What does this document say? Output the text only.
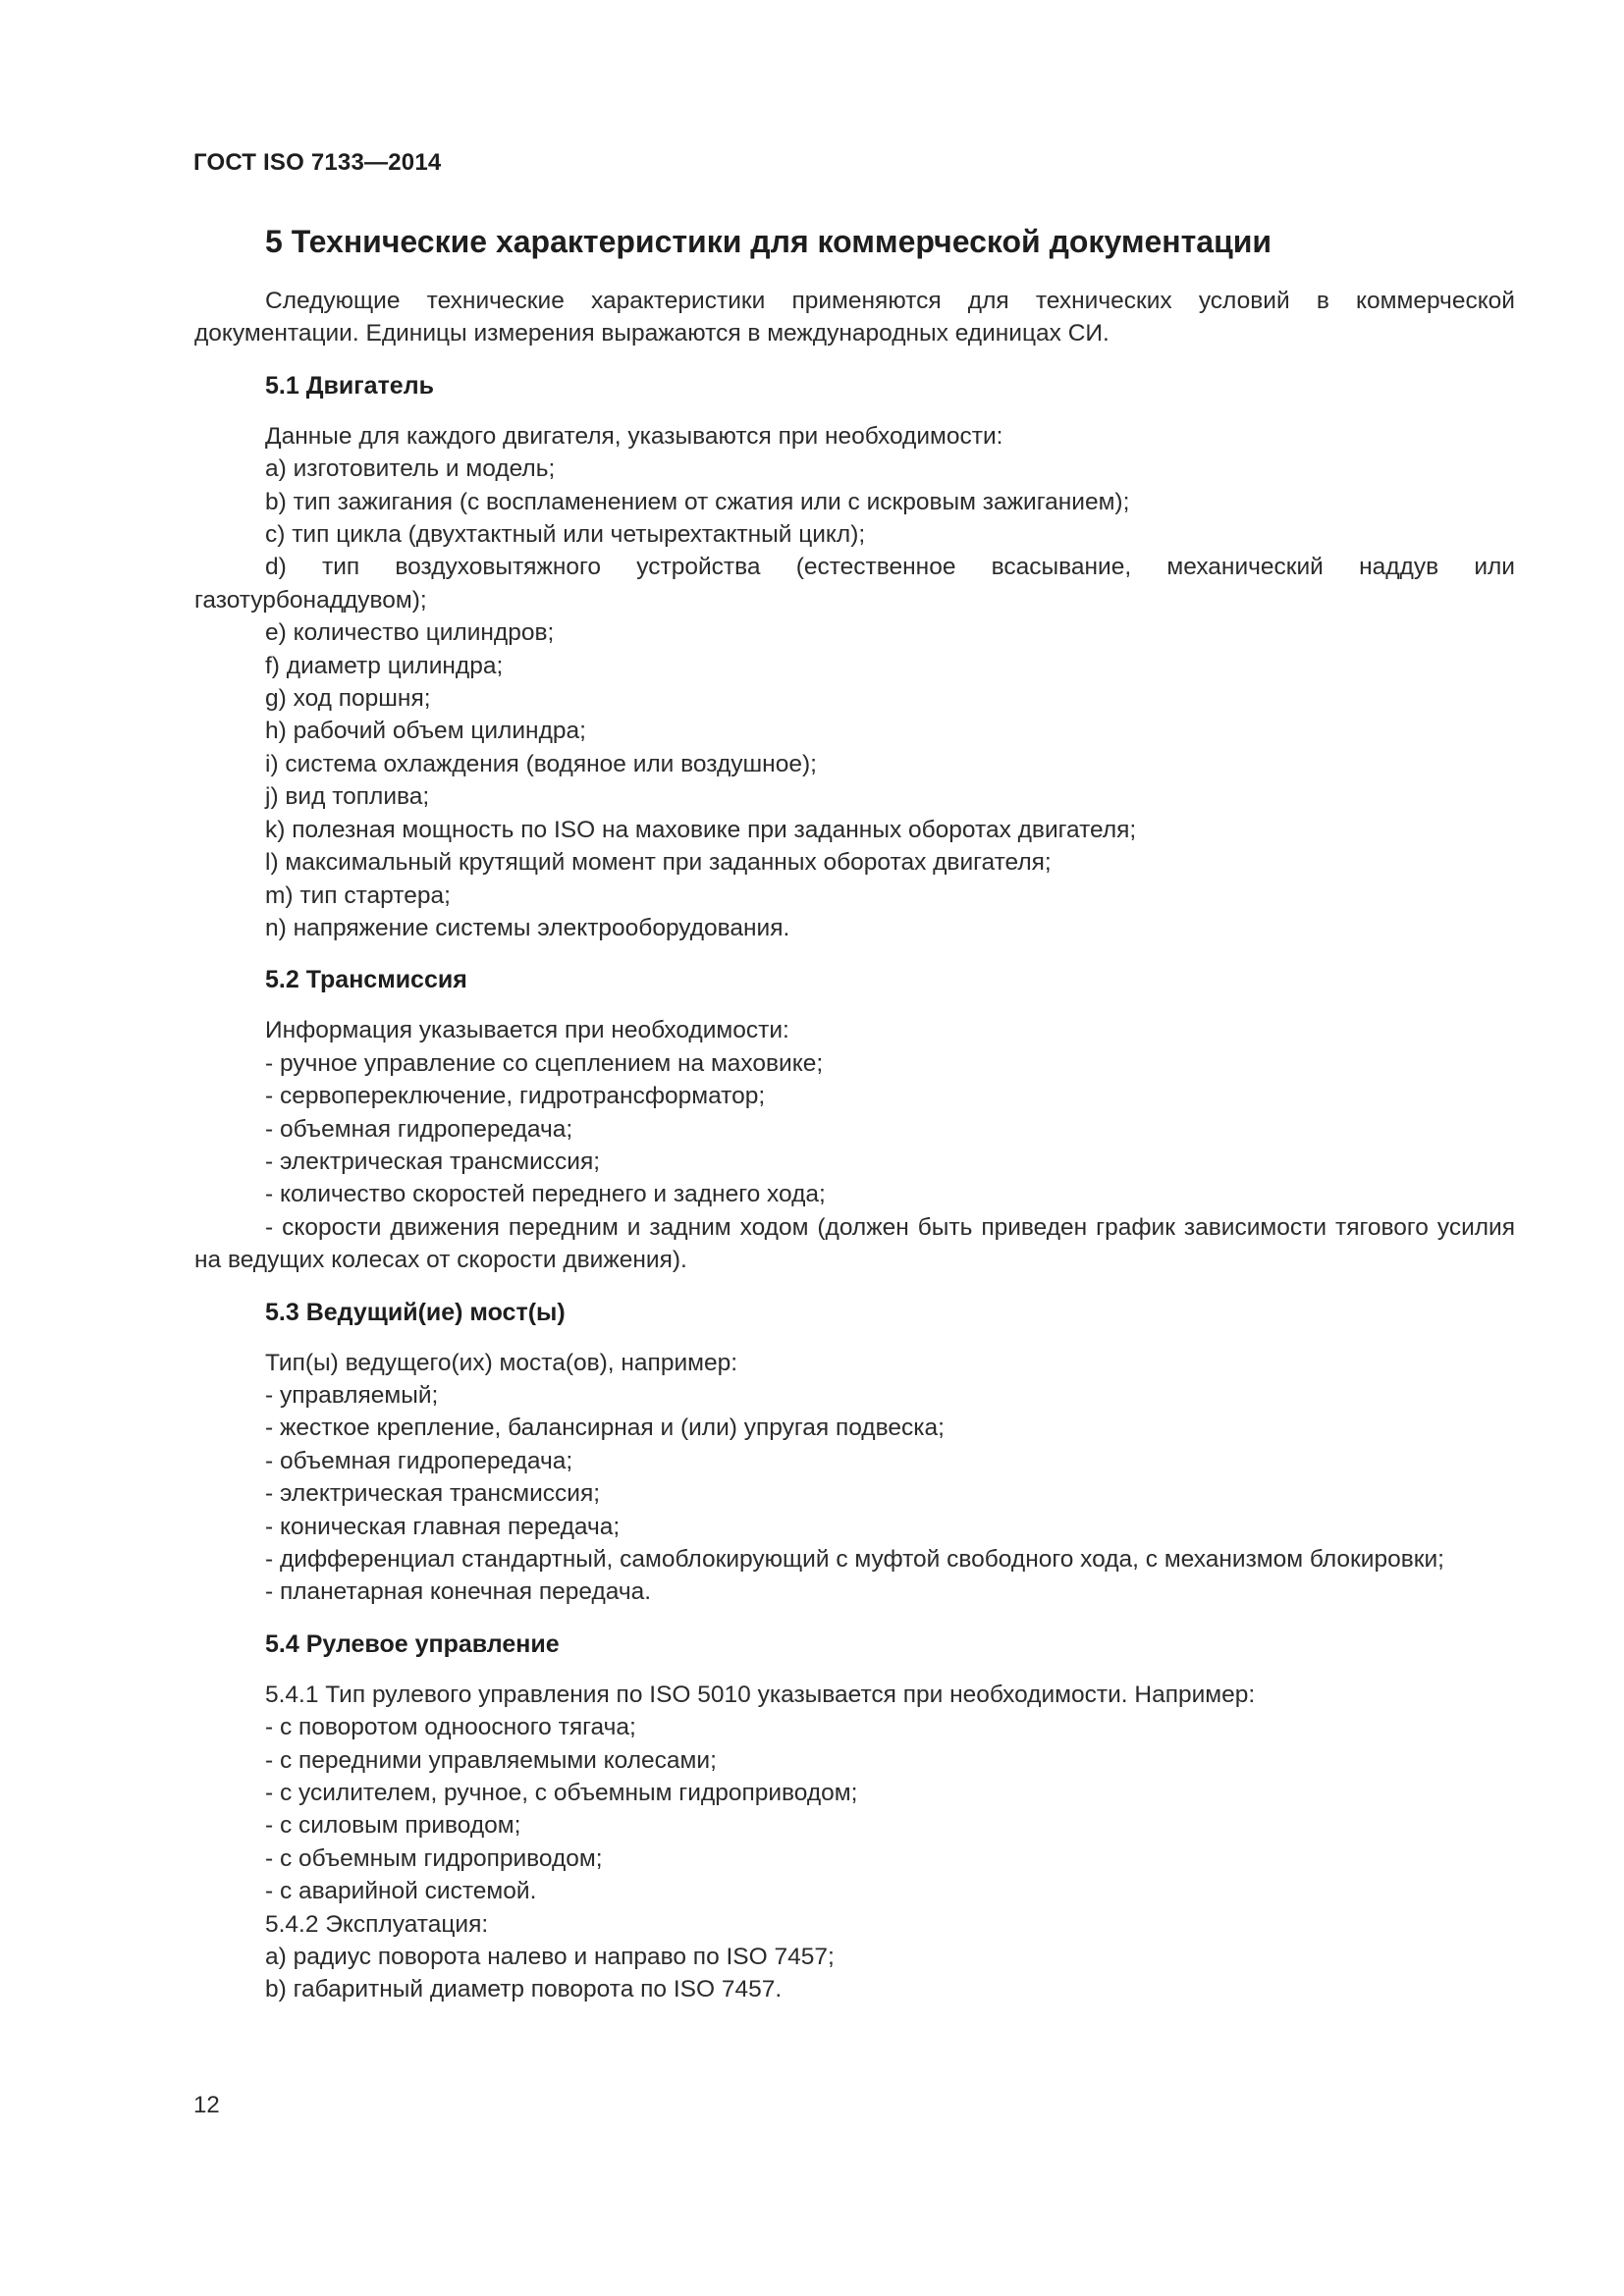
ГОСТ ISO 7133—2014
5 Технические характеристики для коммерческой документации

Следующие технические характеристики применяются для технических условий в коммерческой документации. Единицы измерения выражаются в международных единицах СИ.

5.1 Двигатель
Данные для каждого двигателя, указываются при необходимости:
a) изготовитель и модель;
b) тип зажигания (с воспламенением от сжатия или с искровым зажиганием);
c) тип цикла (двухтактный или четырехтактный цикл);
d) тип воздуховытяжного устройства (естественное всасывание, механический наддув или газотурбонаддувом);
e) количество цилиндров;
f) диаметр цилиндра;
g) ход поршня;
h) рабочий объем цилиндра;
i) система охлаждения (водяное или воздушное);
j) вид топлива;
k) полезная мощность по ISO на маховике при заданных оборотах двигателя;
l) максимальный крутящий момент при заданных оборотах двигателя;
m) тип стартера;
n) напряжение системы электрооборудования.
5.2 Трансмиссия
Информация указывается при необходимости:
- ручное управление со сцеплением на маховике;
- сервопереключение, гидротрансформатор;
- объемная гидропередача;
- электрическая трансмиссия;
- количество скоростей переднего и заднего хода;
- скорости движения передним и задним ходом (должен быть приведен график зависимости тягового усилия на ведущих колесах от скорости движения).
5.3 Ведущий(ие) мост(ы)
Тип(ы) ведущего(их) моста(ов), например:
- управляемый;
- жесткое крепление, балансирная и (или) упругая подвеска;
- объемная гидропередача;
- электрическая трансмиссия;
- коническая главная передача;
- дифференциал стандартный, самоблокирующий с муфтой свободного хода, с механизмом блокировки;
- планетарная конечная передача.
5.4 Рулевое управление
5.4.1 Тип рулевого управления по ISO 5010 указывается при необходимости. Например:
- с поворотом одноосного тягача;
- с передними управляемыми колесами;
- с усилителем, ручное, с объемным гидроприводом;
- с силовым приводом;
- с объемным гидроприводом;
- с аварийной системой.
5.4.2 Эксплуатация:
a) радиус поворота налево и направо по ISO 7457;
b) габаритный диаметр поворота по ISO 7457.
12
